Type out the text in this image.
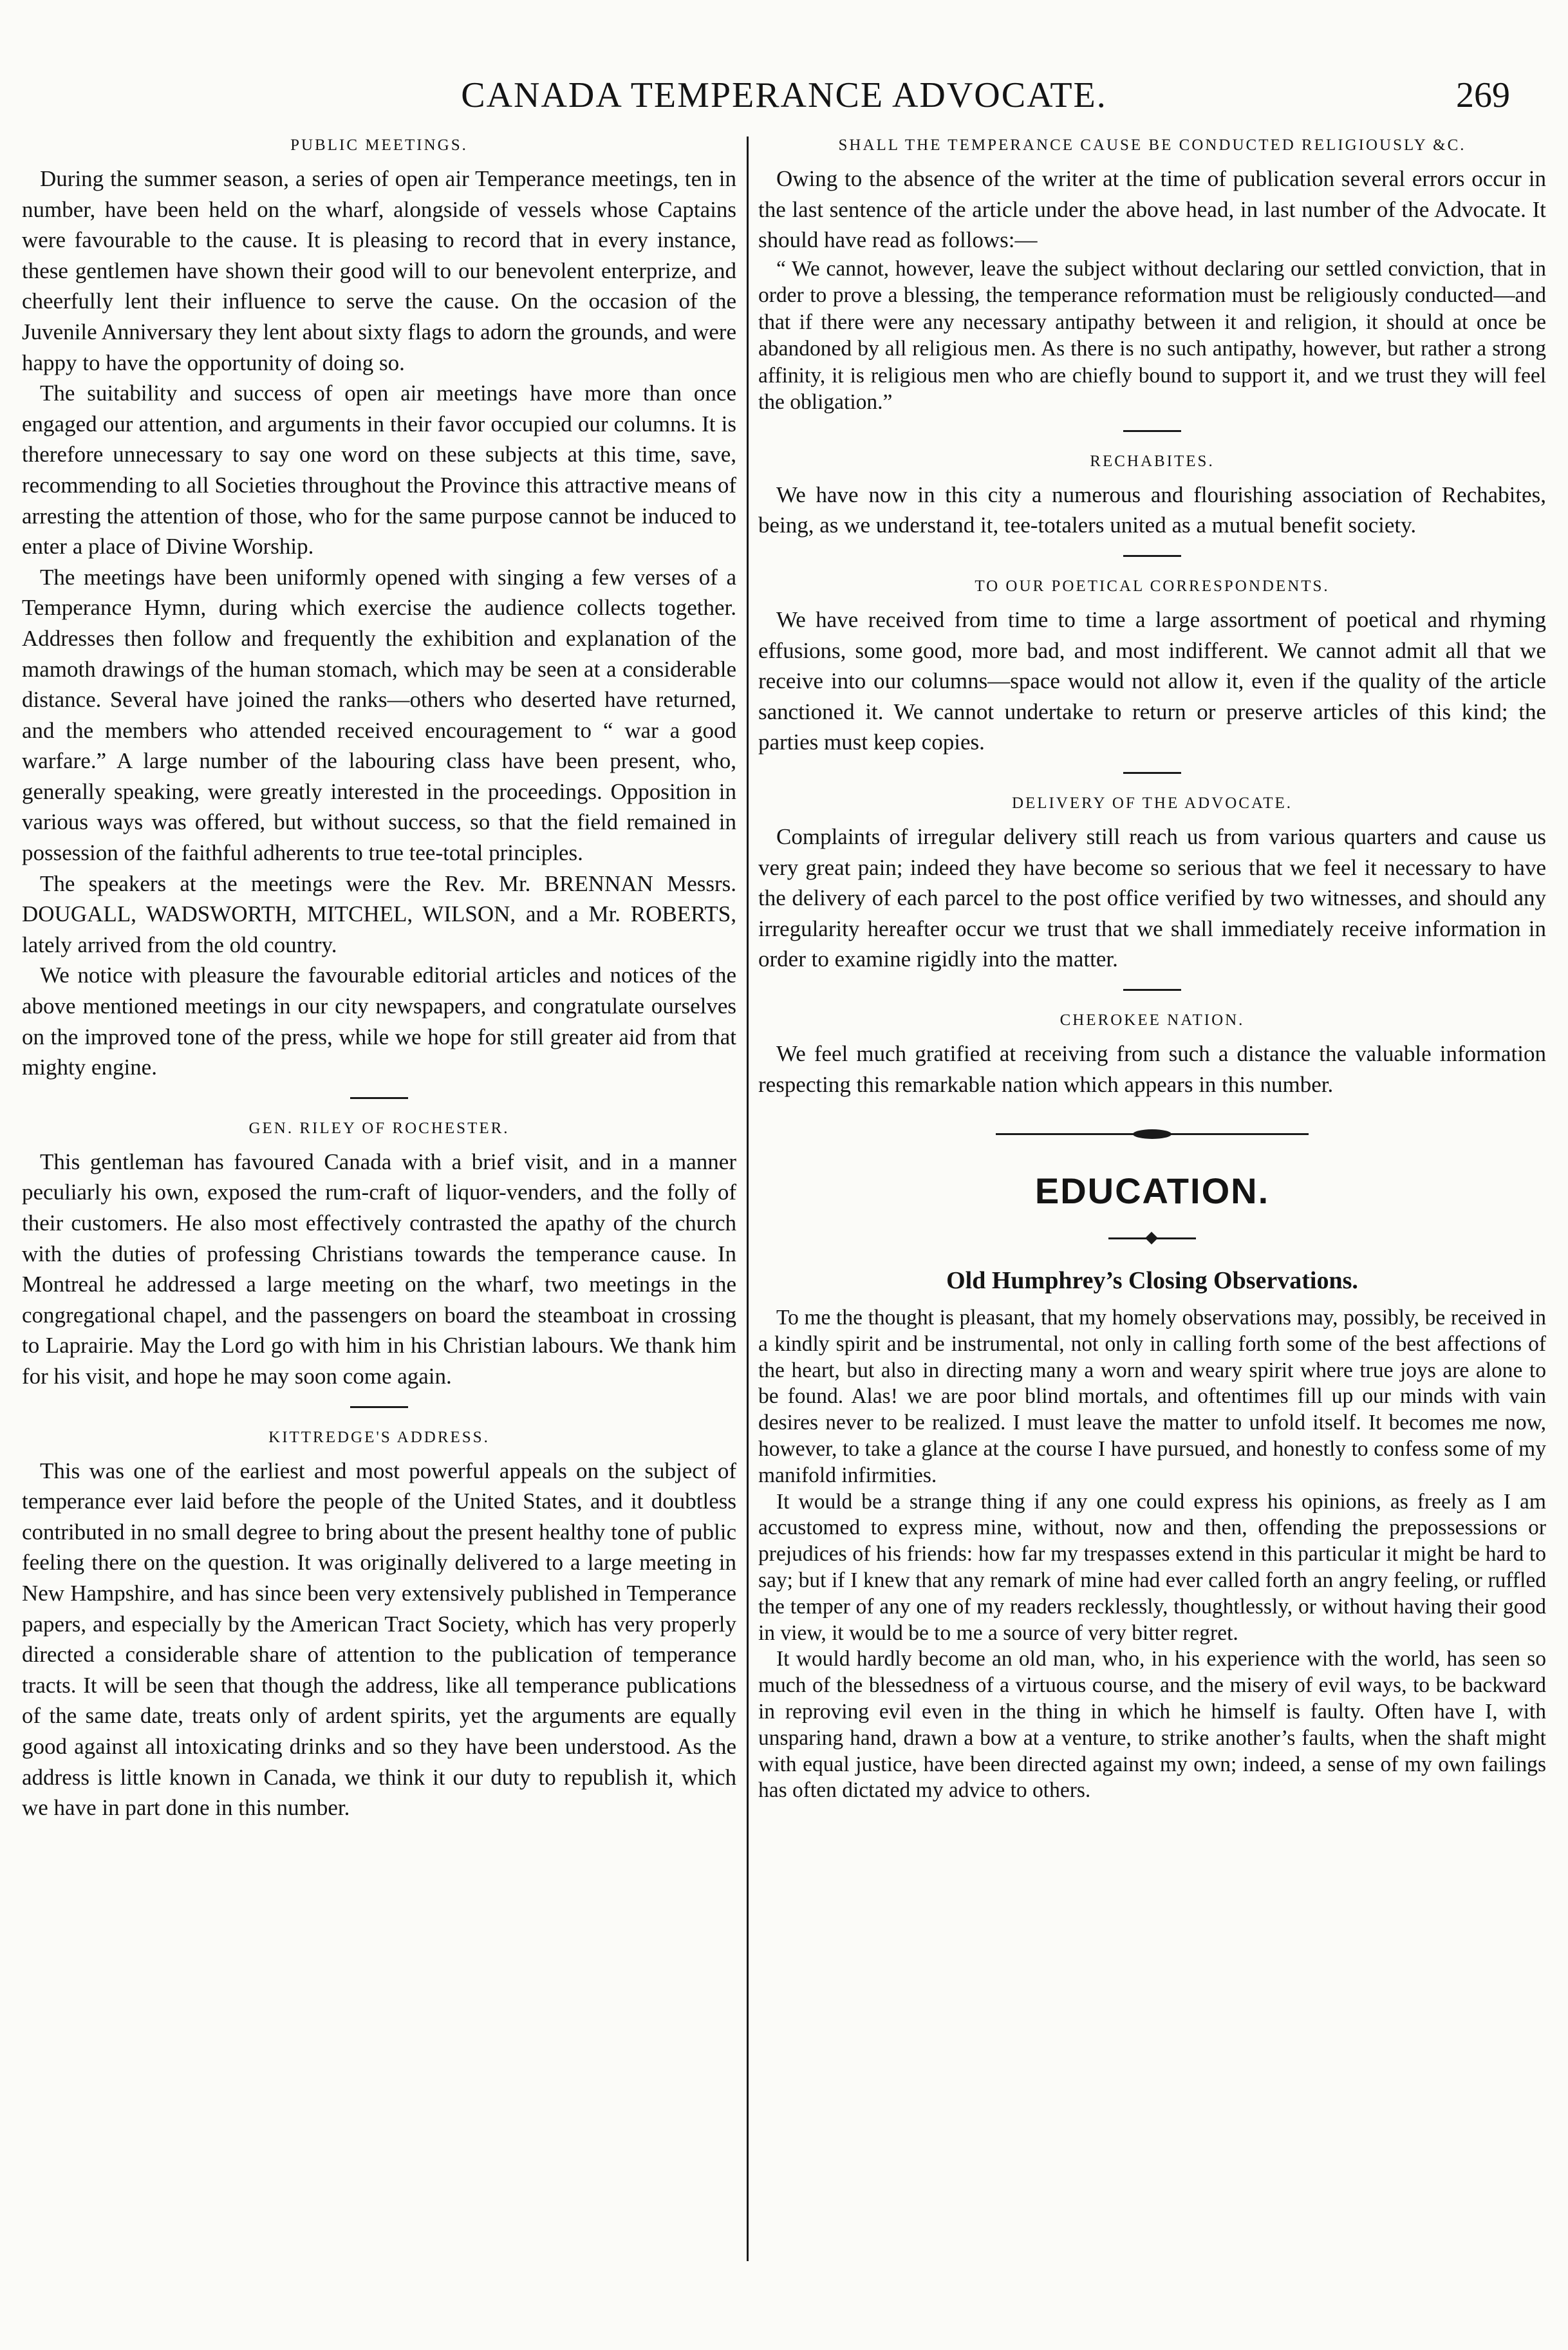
CANADA TEMPERANCE ADVOCATE.	269
PUBLIC MEETINGS.

During the summer season, a series of open air Temperance meetings, ten in number, have been held on the wharf, alongside of vessels whose Captains were favourable to the cause. It is pleasing to record that in every instance, these gentlemen have shown their good will to our benevolent enterprize, and cheerfully lent their influence to serve the cause. On the occasion of the Juvenile Anniversary they lent about sixty flags to adorn the grounds, and were happy to have the opportunity of doing so.

The suitability and success of open air meetings have more than once engaged our attention, and arguments in their favor occupied our columns. It is therefore unnecessary to say one word on these subjects at this time, save, recommending to all Societies throughout the Province this attractive means of arresting the attention of those, who for the same purpose cannot be induced to enter a place of Divine Worship.

The meetings have been uniformly opened with singing a few verses of a Temperance Hymn, during which exercise the audience collects together. Addresses then follow and frequently the exhibition and explanation of the mamoth drawings of the human stomach, which may be seen at a considerable distance. Several have joined the ranks—others who deserted have returned, and the members who attended received encouragement to “ war a good warfare.” A large number of the labouring class have been present, who, generally speaking, were greatly interested in the proceedings. Opposition in various ways was offered, but without success, so that the field remained in possession of the faithful adherents to true tee-total principles.

The speakers at the meetings were the Rev. Mr. BRENNAN Messrs. DOUGALL, WADSWORTH, MITCHEL, WILSON, and a Mr. ROBERTS, lately arrived from the old country.

We notice with pleasure the favourable editorial articles and notices of the above mentioned meetings in our city newspapers, and congratulate ourselves on the improved tone of the press, while we hope for still greater aid from that mighty engine.

GEN. RILEY OF ROCHESTER.

This gentleman has favoured Canada with a brief visit, and in a manner peculiarly his own, exposed the rum-craft of liquor-venders, and the folly of their customers. He also most effectively contrasted the apathy of the church with the duties of professing Christians towards the temperance cause. In Montreal he addressed a large meeting on the wharf, two meetings in the congregational chapel, and the passengers on board the steamboat in crossing to Laprairie. May the Lord go with him in his Christian labours. We thank him for his visit, and hope he may soon come again.

KITTREDGE'S ADDRESS.

This was one of the earliest and most powerful appeals on the subject of temperance ever laid before the people of the United States, and it doubtless contributed in no small degree to bring about the present healthy tone of public feeling there on the question. It was originally delivered to a large meeting in New Hampshire, and has since been very extensively published in Temperance papers, and especially by the American Tract Society, which has very properly directed a considerable share of attention to the publication of temperance tracts. It will be seen that though the address, like all temperance publications of the same date, treats only of ardent spirits, yet the arguments are equally good against all intoxicating drinks and so they have been understood. As the address is little known in Canada, we think it our duty to republish it, which we have in part done in this number.

SHALL THE TEMPERANCE CAUSE BE CONDUCTED RELIGIOUSLY &C.

Owing to the absence of the writer at the time of publication several errors occur in the last sentence of the article under the above head, in last number of the Advocate. It should have read as follows:—

“ We cannot, however, leave the subject without declaring our settled conviction, that in order to prove a blessing, the temperance reformation must be religiously conducted—and that if there were any necessary antipathy between it and religion, it should at once be abandoned by all religious men. As there is no such antipathy, however, but rather a strong affinity, it is religious men who are chiefly bound to support it, and we trust they will feel the obligation.”

RECHABITES.

We have now in this city a numerous and flourishing association of Rechabites, being, as we understand it, tee-totalers united as a mutual benefit society.

TO OUR POETICAL CORRESPONDENTS.

We have received from time to time a large assortment of poetical and rhyming effusions, some good, more bad, and most indifferent. We cannot admit all that we receive into our columns—space would not allow it, even if the quality of the article sanctioned it. We cannot undertake to return or preserve articles of this kind; the parties must keep copies.

DELIVERY OF THE ADVOCATE.

Complaints of irregular delivery still reach us from various quarters and cause us very great pain; indeed they have become so serious that we feel it necessary to have the delivery of each parcel to the post office verified by two witnesses, and should any irregularity hereafter occur we trust that we shall immediately receive information in order to examine rigidly into the matter.

CHEROKEE NATION.

We feel much gratified at receiving from such a distance the valuable information respecting this remarkable nation which appears in this number.

EDUCATION.
Old Humphrey’s Closing Observations.

To me the thought is pleasant, that my homely observations may, possibly, be received in a kindly spirit and be instrumental, not only in calling forth some of the best affections of the heart, but also in directing many a worn and weary spirit where true joys are alone to be found. Alas! we are poor blind mortals, and oftentimes fill up our minds with vain desires never to be realized. I must leave the matter to unfold itself. It becomes me now, however, to take a glance at the course I have pursued, and honestly to confess some of my manifold infirmities.

It would be a strange thing if any one could express his opinions, as freely as I am accustomed to express mine, without, now and then, offending the prepossessions or prejudices of his friends: how far my trespasses extend in this particular it might be hard to say; but if I knew that any remark of mine had ever called forth an angry feeling, or ruffled the temper of any one of my readers recklessly, thoughtlessly, or without having their good in view, it would be to me a source of very bitter regret.

It would hardly become an old man, who, in his experience with the world, has seen so much of the blessedness of a virtuous course, and the misery of evil ways, to be backward in reproving evil even in the thing in which he himself is faulty. Often have I, with unsparing hand, drawn a bow at a venture, to strike another’s faults, when the shaft might with equal justice, have been directed against my own; indeed, a sense of my own failings has often dictated my advice to others.
